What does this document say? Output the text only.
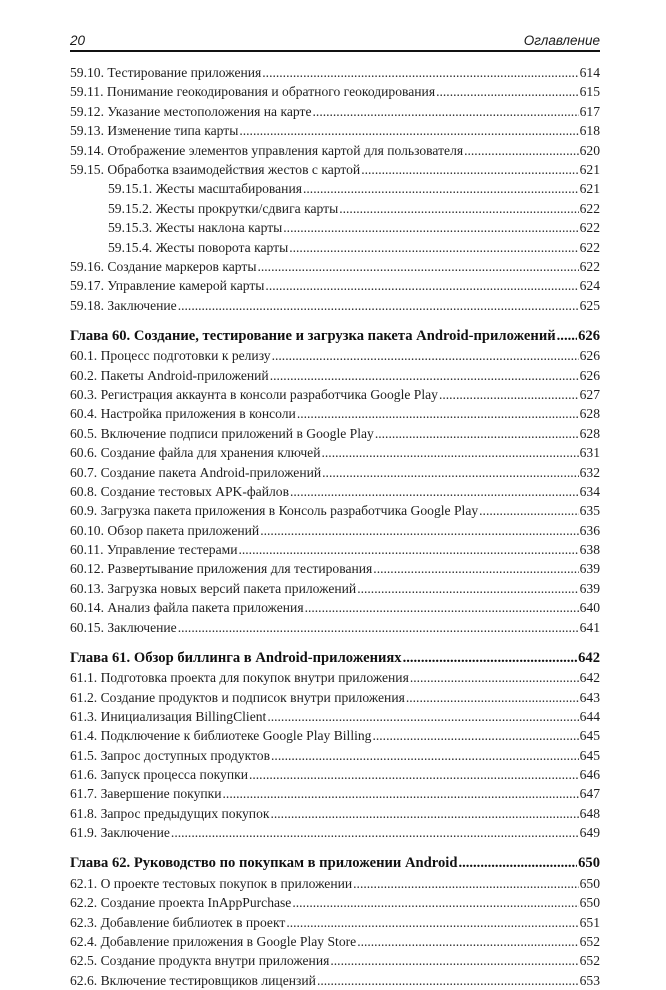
20	Оглавление
59.10. Тестирование приложения .....	614
59.11. Понимание геокодирования и обратного геокодирования .....	615
59.12. Указание местоположения на карте .....	617
59.13. Изменение типа карты .....	618
59.14. Отображение элементов управления картой для пользователя .....	620
59.15. Обработка взаимодействия жестов с картой .....	621
59.15.1. Жесты масштабирования .....	621
59.15.2. Жесты прокрутки/сдвига карты .....	622
59.15.3. Жесты наклона карты .....	622
59.15.4. Жесты поворота карты .....	622
59.16. Создание маркеров карты .....	622
59.17. Управление камерой карты .....	624
59.18. Заключение .....	625
Глава 60. Создание, тестирование и загрузка пакета Android-приложений ..... 626
60.1. Процесс подготовки к релизу .....	626
60.2. Пакеты Android-приложений .....	626
60.3. Регистрация аккаунта в консоли разработчика Google Play .....	627
60.4. Настройка приложения в консоли .....	628
60.5. Включение подписи приложений в Google Play .....	628
60.6. Создание файла для хранения ключей .....	631
60.7. Создание пакета Android-приложений .....	632
60.8. Создание тестовых APK-файлов .....	634
60.9. Загрузка пакета приложения в Консоль разработчика Google Play .....	635
60.10. Обзор пакета приложений .....	636
60.11. Управление тестерами .....	638
60.12. Развертывание приложения для тестирования .....	639
60.13. Загрузка новых версий пакета приложений .....	639
60.14. Анализ файла пакета приложения .....	640
60.15. Заключение .....	641
Глава 61. Обзор биллинга в Android-приложениях .....	642
61.1. Подготовка проекта для покупок внутри приложения .....	642
61.2. Создание продуктов и подписок внутри приложения .....	643
61.3. Инициализация BillingClient .....	644
61.4. Подключение к библиотеке Google Play Billing .....	645
61.5. Запрос доступных продуктов .....	645
61.6. Запуск процесса покупки .....	646
61.7. Завершение покупки .....	647
61.8. Запрос предыдущих покупок .....	648
61.9. Заключение .....	649
Глава 62. Руководство по покупкам в приложении Android .....	650
62.1. О проекте тестовых покупок в приложении .....	650
62.2. Создание проекта InAppPurchase .....	650
62.3. Добавление библиотек в проект .....	651
62.4. Добавление приложения в Google Play Store .....	652
62.5. Создание продукта внутри приложения .....	652
62.6. Включение тестировщиков лицензий .....	653
